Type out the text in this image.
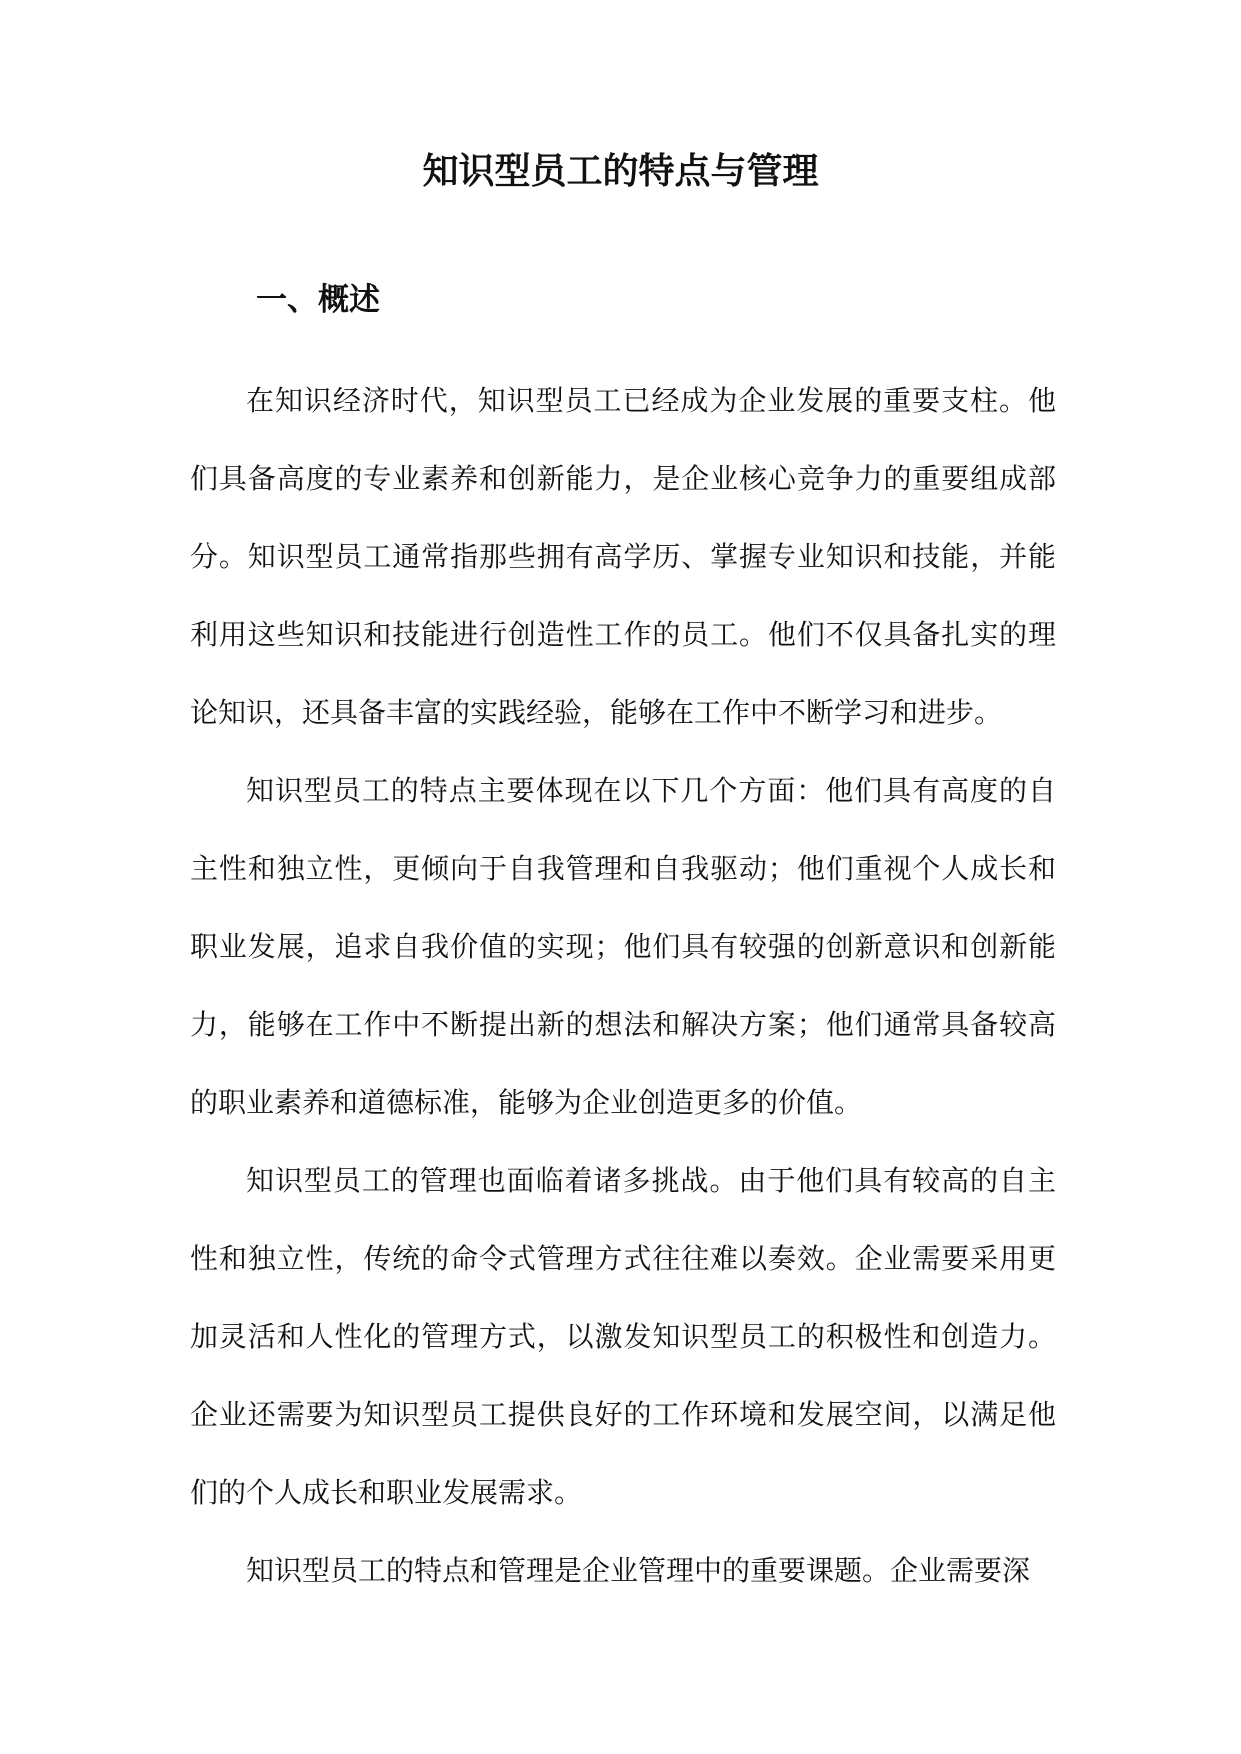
知识型员工的特点与管理
一、概述

在知识经济时代，知识型员工已经成为企业发展的重要支柱。他们具备高度的专业素养和创新能力，是企业核心竞争力的重要组成部分。知识型员工通常指那些拥有高学历、掌握专业知识和技能，并能利用这些知识和技能进行创造性工作的员工。他们不仅具备扎实的理论知识，还具备丰富的实践经验，能够在工作中不断学习和进步。

知识型员工的特点主要体现在以下几个方面：他们具有高度的自主性和独立性，更倾向于自我管理和自我驱动；他们重视个人成长和职业发展，追求自我价值的实现；他们具有较强的创新意识和创新能力，能够在工作中不断提出新的想法和解决方案；他们通常具备较高的职业素养和道德标准，能够为企业创造更多的价值。

知识型员工的管理也面临着诸多挑战。由于他们具有较高的自主性和独立性，传统的命令式管理方式往往难以奏效。企业需要采用更加灵活和人性化的管理方式，以激发知识型员工的积极性和创造力。企业还需要为知识型员工提供良好的工作环境和发展空间，以满足他们的个人成长和职业发展需求。

知识型员工的特点和管理是企业管理中的重要课题。企业需要深
